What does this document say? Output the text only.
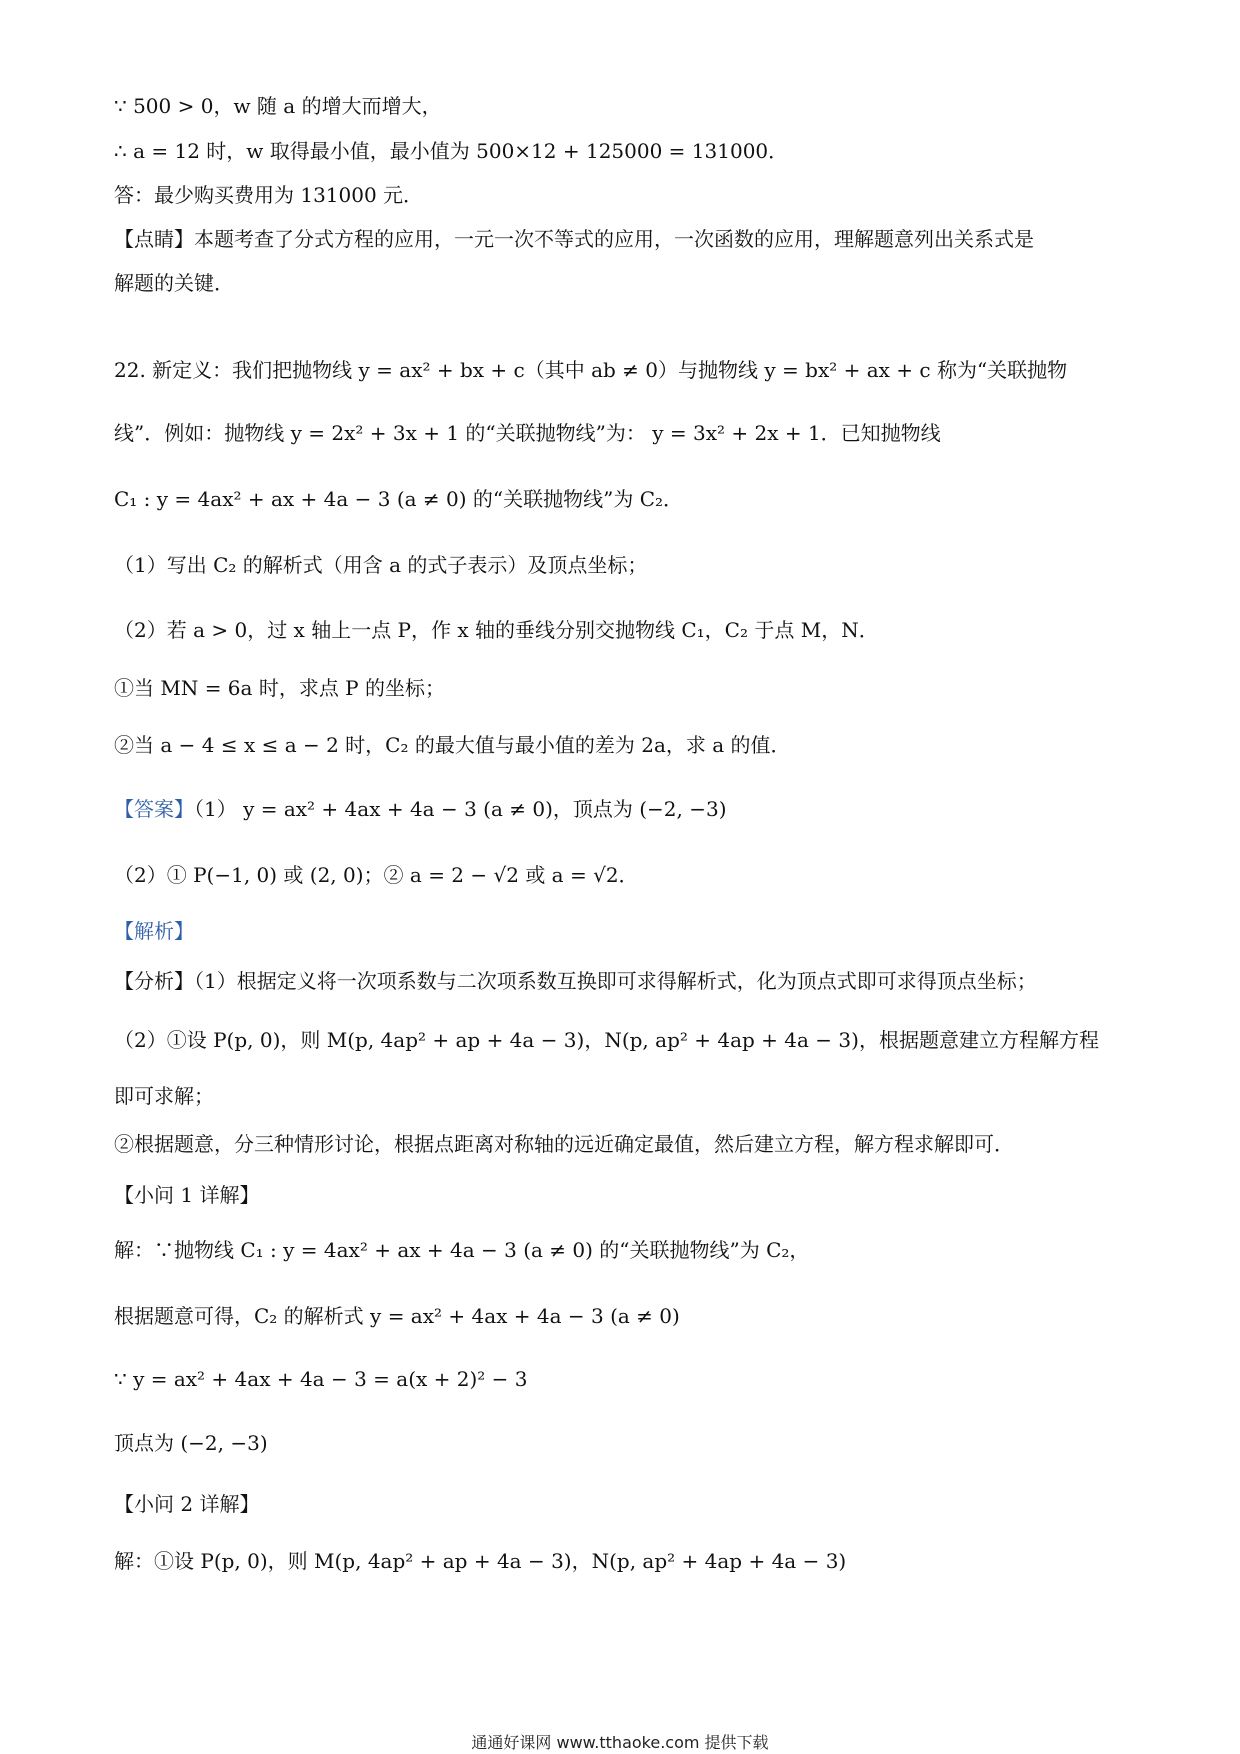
∵ 500 > 0，w 随 a 的增大而增大，
∴ a = 12 时，w 取得最小值，最小值为 500×12 + 125000 = 131000．
答：最少购买费用为 131000 元．
【点睛】本题考查了分式方程的应用，一元一次不等式的应用，一次函数的应用，理解题意列出关系式是
解题的关键．
22. 新定义：我们把抛物线 y = ax² + bx + c（其中 ab ≠ 0）与抛物线 y = bx² + ax + c 称为“关联抛物
线”．例如：抛物线 y = 2x² + 3x + 1 的“关联抛物线”为： y = 3x² + 2x + 1．已知抛物线
C₁ : y = 4ax² + ax + 4a − 3 (a ≠ 0) 的“关联抛物线”为 C₂．
（1）写出 C₂ 的解析式（用含 a 的式子表示）及顶点坐标；
（2）若 a > 0，过 x 轴上一点 P，作 x 轴的垂线分别交抛物线 C₁，C₂ 于点 M，N．
①当 MN = 6a 时，求点 P 的坐标；
②当 a − 4 ≤ x ≤ a − 2 时，C₂ 的最大值与最小值的差为 2a，求 a 的值．
【答案】（1） y = ax² + 4ax + 4a − 3 (a ≠ 0)，顶点为 (−2, −3)
（2）① P(−1, 0) 或 (2, 0)；② a = 2 − √2 或 a = √2．
【解析】
【分析】（1）根据定义将一次项系数与二次项系数互换即可求得解析式，化为顶点式即可求得顶点坐标；
（2）①设 P(p, 0)，则 M(p, 4ap² + ap + 4a − 3)，N(p, ap² + 4ap + 4a − 3)，根据题意建立方程解方程
即可求解；
②根据题意，分三种情形讨论，根据点距离对称轴的远近确定最值，然后建立方程，解方程求解即可．
【小问 1 详解】
解：∵抛物线 C₁ : y = 4ax² + ax + 4a − 3 (a ≠ 0) 的“关联抛物线”为 C₂，
根据题意可得，C₂ 的解析式 y = ax² + 4ax + 4a − 3 (a ≠ 0)
∵ y = ax² + 4ax + 4a − 3 = a(x + 2)² − 3
顶点为 (−2, −3)
【小问 2 详解】
解：①设 P(p, 0)，则 M(p, 4ap² + ap + 4a − 3)，N(p, ap² + 4ap + 4a − 3)
通通好课网 www.tthaoke.com 提供下载
